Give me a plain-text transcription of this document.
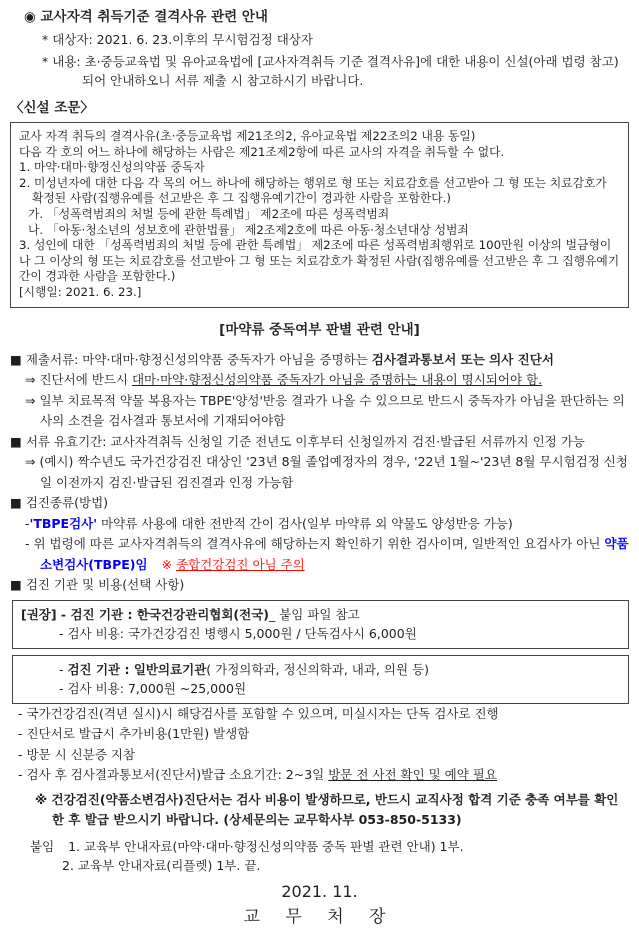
◉ 교사자격 취득기준 결격사유 관련 안내
* 대상자: 2021. 6. 23.이후의 무시험검정 대상자
* 내용: 초·중등교육법 및 유아교육법에 [교사자격취득 기준 결격사유]에 대한 내용이 신설(아래 법령 참고)되어 안내하오니 서류 제출 시 참고하시기 바랍니다.
〈신설 조문〉
교사 자격 취득의 결격사유(초·중등교육법 제21조의2, 유아교육법 제22조의2 내용 동일)
다음 각 호의 어느 하나에 해당하는 사람은 제21조제2항에 따른 교사의 자격을 취득할 수 없다.
1. 마약·대마·향정신성의약품 중독자
2. 미성년자에 대한 다음 각 목의 어느 하나에 해당하는 행위로 형 또는 치료감호를 선고받아 그 형 또는 치료감호가 확정된 사람(집행유예를 선고받은 후 그 집행유예기간이 경과한 사람을 포함한다.)
가. 「성폭력범죄의 처벌 등에 관한 특례법」 제2조에 따른 성폭력범죄
나. 「아동·청소년의 성보호에 관한법률」 제2조제2호에 따른 아동·청소년대상 성범죄
3. 성인에 대한 「성폭력범죄의 처벌 등에 관한 특례법」 제2조에 따른 성폭력범죄행위로 100만원 이상의 벌금형이나 그 이상의 형 또는 치료감호를 선고받아 그 형 또는 치료감호가 확정된 사람(집행유예를 선고받은 후 그 집행유예기간이 경과한 사람을 포함한다.)
[시행일: 2021. 6. 23.]
[마약류 중독여부 판별 관련 안내]
■ 제출서류: 마약·대마·향정신성의약품 중독자가 아님을 증명하는 검사결과통보서 또는 의사 진단서
⇒ 진단서에 반드시 대마·마약·향정신성의약품 중독자가 아님을 증명하는 내용이 명시되어야 함.
⇒ 일부 치료목적 약물 복용자는 TBPE'양성'반응 결과가 나올 수 있으므로 반드시 중독자가 아님을 판단하는 의사의 소견을 검사결과 통보서에 기재되어야함
■ 서류 유효기간: 교사자격취득 신청일 기준 전년도 이후부터 신청일까지 검진·발급된 서류까지 인정 가능
⇒ (예시) 짝수년도 국가건강검진 대상인 '23년 8월 졸업예정자의 경우, '22년 1월~'23년 8월 무시험검정 신청일 이전까지 검진·발급된 검진결과 인정 가능함
■ 검진종류(방법)
-'TBPE검사' 마약류 사용에 대한 전반적 간이 검사(일부 마약류 외 약물도 양성반응 가능)
- 위 법령에 따른 교사자격취득의 결격사유에 해당하는지 확인하기 위한 검사이며, 일반적인 요검사가 아닌 약품소변검사(TBPE)임 ※ 종합건강검진 아님 주의
■ 검진 기관 및 비용(선택 사항)
[권장] - 검진 기관 : 한국건강관리협회(전국)_ 붙임 파일 참고
- 검사 비용: 국가건강검진 병행시 5,000원 / 단독검사시 6,000원
- 검진 기관 : 일반의료기관( 가정의학과, 정신의학과, 내과, 의원 등)
- 검사 비용: 7,000원 ~25,000원
- 국가건강검진(격년 실시)시 해당검사를 포함할 수 있으며, 미실시자는 단독 검사로 진행
- 진단서로 발급시 추가비용(1만원) 발생함
- 방문 시 신분증 지참
- 검사 후 검사결과통보서(진단서)발급 소요기간: 2~3일 방문 전 사전 확인 및 예약 필요
※ 건강검진(약품소변검사)진단서는 검사 비용이 발생하므로, 반드시 교직사정 합격 기준 충족 여부를 확인한 후 발급 받으시기 바랍니다. (상세문의는 교무학사부 053-850-5133)
붙임 1. 교육부 안내자료(마약·대마·향정신성의약품 중독 판별 관련 안내) 1부.
2. 교육부 안내자료(리플렛) 1부. 끝.
2021. 11.
교 무 처 장
